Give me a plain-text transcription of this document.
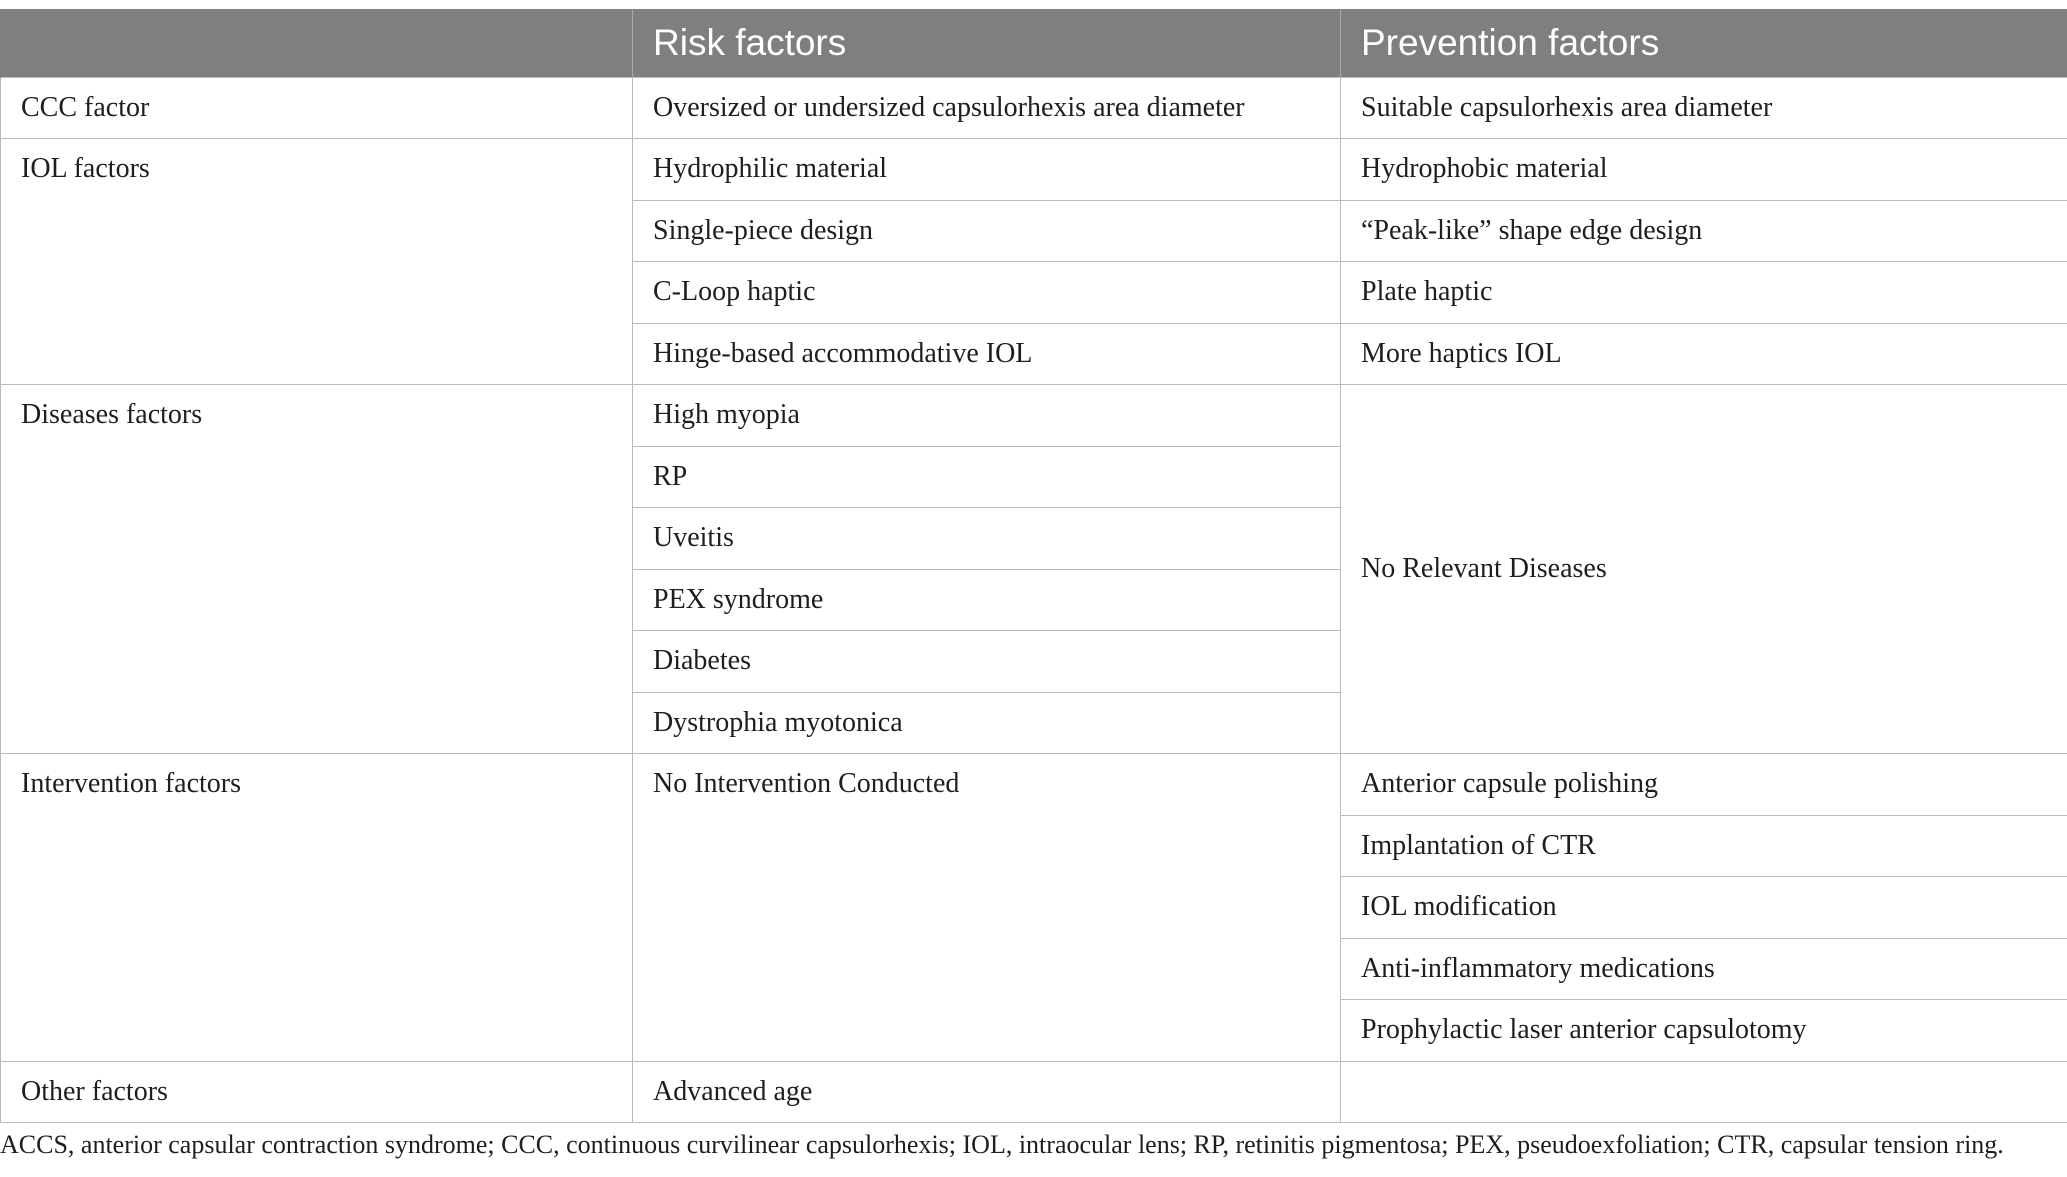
	Risk factors	Prevention factors
CCC factor	Oversized or undersized capsulorhexis area diameter	Suitable capsulorhexis area diameter
IOL factors	Hydrophilic material	Hydrophobic material
	Single-piece design	“Peak-like” shape edge design
	C-Loop haptic	Plate haptic
	Hinge-based accommodative IOL	More haptics IOL
Diseases factors	High myopia	No Relevant Diseases
	RP	
	Uveitis	
	PEX syndrome	
	Diabetes	
	Dystrophia myotonica	
Intervention factors	No Intervention Conducted	Anterior capsule polishing
		Implantation of CTR
		IOL modification
		Anti-inflammatory medications
		Prophylactic laser anterior capsulotomy
Other factors	Advanced age	
ACCS, anterior capsular contraction syndrome; CCC, continuous curvilinear capsulorhexis; IOL, intraocular lens; RP, retinitis pigmentosa; PEX, pseudoexfoliation; CTR, capsular tension ring.
